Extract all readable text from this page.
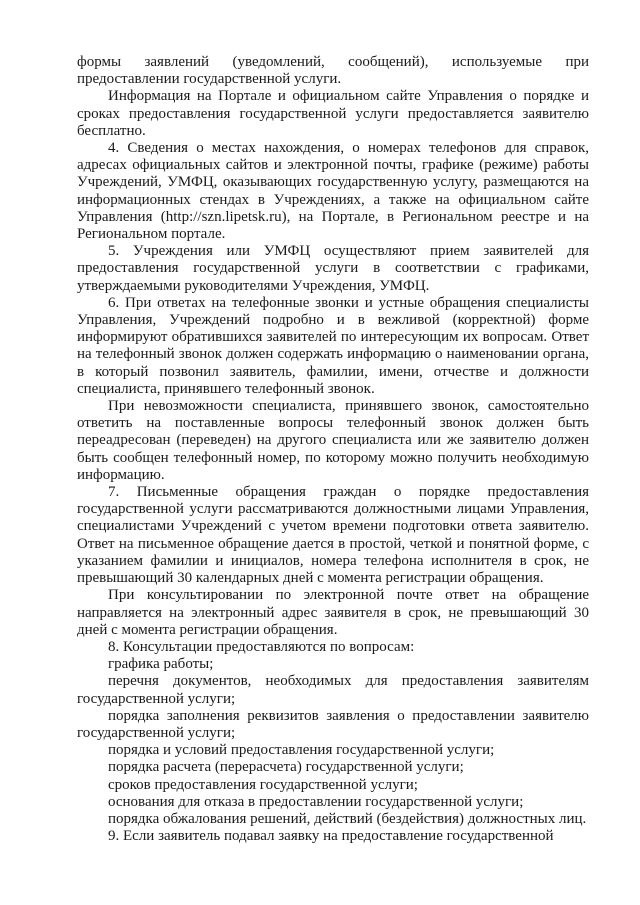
формы заявлений (уведомлений, сообщений), используемые при предоставлении государственной услуги.

Информация на Портале и официальном сайте Управления о порядке и сроках предоставления государственной услуги предоставляется заявителю бесплатно.

4. Сведения о местах нахождения, о номерах телефонов для справок, адресах официальных сайтов и электронной почты, графике (режиме) работы Учреждений, УМФЦ, оказывающих государственную услугу, размещаются на информационных стендах в Учреждениях, а также на официальном сайте Управления (http://szn.lipetsk.ru), на Портале, в Региональном реестре и на Региональном портале.

5. Учреждения или УМФЦ осуществляют прием заявителей для предоставления государственной услуги в соответствии с графиками, утверждаемыми руководителями Учреждения, УМФЦ.

6. При ответах на телефонные звонки и устные обращения специалисты Управления, Учреждений подробно и в вежливой (корректной) форме информируют обратившихся заявителей по интересующим их вопросам. Ответ на телефонный звонок должен содержать информацию о наименовании органа, в который позвонил заявитель, фамилии, имени, отчестве и должности специалиста, принявшего телефонный звонок.

При невозможности специалиста, принявшего звонок, самостоятельно ответить на поставленные вопросы телефонный звонок должен быть переадресован (переведен) на другого специалиста или же заявителю должен быть сообщен телефонный номер, по которому можно получить необходимую информацию.

7. Письменные обращения граждан о порядке предоставления государственной услуги рассматриваются должностными лицами Управления, специалистами Учреждений с учетом времени подготовки ответа заявителю. Ответ на письменное обращение дается в простой, четкой и понятной форме, с указанием фамилии и инициалов, номера телефона исполнителя в срок, не превышающий 30 календарных дней с момента регистрации обращения.

При консультировании по электронной почте ответ на обращение направляется на электронный адрес заявителя в срок, не превышающий 30 дней с момента регистрации обращения.

8. Консультации предоставляются по вопросам:

графика работы;

перечня документов, необходимых для предоставления заявителям государственной услуги;

порядка заполнения реквизитов заявления о предоставлении заявителю государственной услуги;

порядка и условий предоставления государственной услуги;

порядка расчета (перерасчета) государственной услуги;

сроков предоставления государственной услуги;

основания для отказа в предоставлении государственной услуги;

порядка обжалования решений, действий (бездействия) должностных лиц.

9. Если заявитель подавал заявку на предоставление государственной
